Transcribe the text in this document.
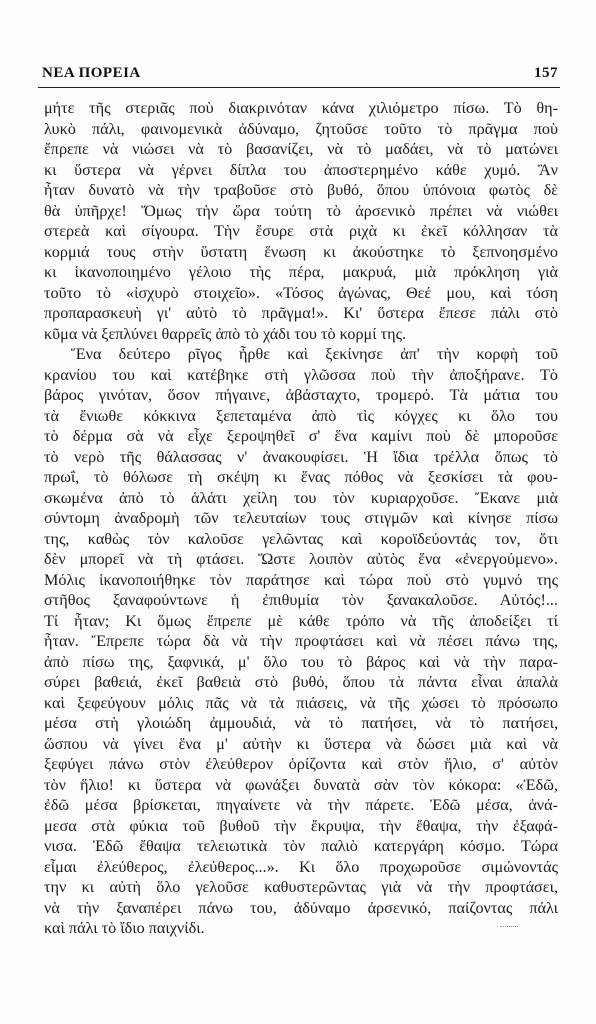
ΝΕΑ ΠΟΡΕΙΑ	157
μήτε τῆς στεριᾶς ποὺ διακρινόταν κάνα χιλιόμετρο πίσω. Τὸ θη-
λυκὸ πάλι, φαινομενικὰ ἀδύναμο, ζητοῦσε τοῦτο τὸ πρᾶγμα ποὺ
ἔπρεπε νὰ νιώσει νὰ τὸ βασανίζει, νὰ τὸ μαδάει, νὰ τὸ ματώνει
κι ὕστερα νὰ γέρνει δίπλα του ἀποστερημένο κάθε χυμό. Ἂν
ἦταν δυνατὸ νὰ τὴν τραβοῦσε στὸ βυθό, ὅπου ὑπόνοια φωτὸς δὲ
θὰ ὑπῆρχε! Ὅμως τὴν ὥρα τούτη τὸ ἀρσενικὸ πρέπει νὰ νιώθει
στερεὰ καὶ σίγουρα. Τὴν ἔσυρε στὰ ριχὰ κι ἐκεῖ κόλλησαν τὰ
κορμιά τους στὴν ὕστατη ἕνωση κι ἀκούστηκε τὸ ξεπνοησμένο
κι ἱκανοποιημένο γέλοιο τὴς πέρα, μακρυά, μιὰ πρόκληση γιὰ
τοῦτο τὸ «ἰσχυρὸ στοιχεῖο». «Τόσος ἀγώνας, Θεέ μου, καὶ τόση
προπαρασκευὴ γι' αὐτὸ τὸ πρᾶγμα!». Κι' ὕστερα ἔπεσε πάλι στὸ
κῦμα νὰ ξεπλύνει θαρρεῖς ἀπὸ τὸ χάδι του τὸ κορμί της.
Ἕνα δεύτερο ρῖγος ἦρθε καὶ ξεκίνησε ἀπ' τὴν κορφὴ τοῦ
κρανίου του καὶ κατέβηκε στὴ γλῶσσα ποὺ τὴν ἀποξήρανε. Τὸ
βάρος γινόταν, ὅσον πήγαινε, ἀβάσταχτο, τρομερό. Τὰ μάτια του
τὰ ἔνιωθε κόκκινα ξεπεταμένα ἀπὸ τὶς κόγχες κι ὅλο του
τὸ δέρμα σὰ νὰ εἶχε ξεροψηθεῖ σ' ἕνα καμίνι ποὺ δὲ μποροῦσε
τὸ νερὸ τῆς θάλασσας ν' ἀνακουφίσει. Ἡ ἴδια τρέλλα ὅπως τὸ
πρωΐ, τὸ θόλωσε τὴ σκέψη κι ἕνας πόθος νὰ ξεσκίσει τὰ φου-
σκωμένα ἀπὸ τὸ ἁλάτι χείλη του τὸν κυριαρχοῦσε. Ἔκανε μιὰ
σύντομη ἀναδρομὴ τῶν τελευταίων τους στιγμῶν καὶ κίνησε πίσω
της, καθὼς τὸν καλοῦσε γελῶντας καὶ κοροϊδεύοντάς τον, ὅτι
δὲν μπορεῖ νὰ τὴ φτάσει. Ὥστε λοιπὸν αὐτὸς ἕνα «ἐνεργούμενο».
Μόλις ἱκανοποιήθηκε τὸν παράτησε καὶ τώρα ποὺ στὸ γυμνό της
στῆθος ξαναφούντωνε ἡ ἐπιθυμία τὸν ξανακαλοῦσε. Αὐτός!...
Τί ἦταν; Κι ὅμως ἔπρεπε μὲ κάθε τρόπο νὰ τῆς ἀποδείξει τί
ἦταν. Ἔπρεπε τώρα δὰ νὰ τὴν προφτάσει καὶ νὰ πέσει πάνω της,
ἀπὸ πίσω της, ξαφνικά, μ' ὅλο του τὸ βάρος καὶ νὰ τὴν παρα-
σύρει βαθειά, ἐκεῖ βαθειὰ στὸ βυθό, ὅπου τὰ πάντα εἶναι ἁπαλὰ
καὶ ξεφεύγουν μόλις πᾶς νὰ τὰ πιάσεις, νὰ τῆς χώσει τὸ πρόσωπο
μέσα στὴ γλοιώδη ἀμμουδιά, νὰ τὸ πατήσει, νὰ τὸ πατήσει,
ὥσπου νὰ γίνει ἕνα μ' αὐτὴν κι ὕστερα νὰ δώσει μιὰ καὶ νὰ
ξεφύγει πάνω στὸν ἐλεύθερον ὁρίζοντα καὶ στὸν ἥλιο, σ' αὐτὸν
τὸν ἥλιο! κι ὕστερα νὰ φωνάξει δυνατὰ σὰν τὸν κόκορα: «Ἐδῶ,
ἐδῶ μέσα βρίσκεται, πηγαίνετε νὰ τὴν πάρετε. Ἐδῶ μέσα, ἀνά-
μεσα στὰ φύκια τοῦ βυθοῦ τὴν ἔκρυψα, τὴν ἔθαψα, τὴν ἐξαφά-
νισα. Ἐδῶ ἔθαψα τελειωτικὰ τὸν παλιὸ κατεργάρη κόσμο. Τώρα
εἶμαι ἐλεύθερος, ἐλεύθερος...». Κι ὅλο προχωροῦσε σιμώνοντάς
την κι αὐτὴ ὅλο γελοῦσε καθυστερῶντας γιὰ νὰ τὴν προφτάσει,
νὰ τὴν ξαναπέρει πάνω του, ἀδύναμο ἀρσενικό, παίζοντας πάλι
καὶ πάλι τὸ ἴδιο παιχνίδι.
